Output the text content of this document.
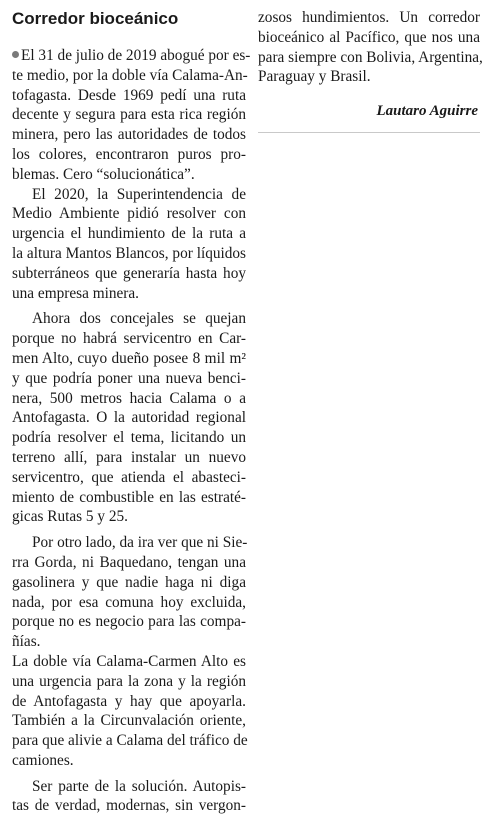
Corredor bioceánico
El 31 de julio de 2019 abogué por es-
te medio, por la doble vía Calama-An-
tofagasta. Desde 1969 pedí una ruta
decente y segura para esta rica región
minera, pero las autoridades de todos
los colores, encontraron puros pro-
blemas. Cero “solucionática”.
El 2020, la Superintendencia de
Medio Ambiente pidió resolver con
urgencia el hundimiento de la ruta a
la altura Mantos Blancos, por líquidos
subterráneos que generaría hasta hoy
una empresa minera.
Ahora dos concejales se quejan
porque no habrá servicentro en Car-
men Alto, cuyo dueño posee 8 mil m²
y que podría poner una nueva benci-
nera, 500 metros hacia Calama o a
Antofagasta. O la autoridad regional
podría resolver el tema, licitando un
terreno allí, para instalar un nuevo
servicentro, que atienda el abasteci-
miento de combustible en las estraté-
gicas Rutas 5 y 25.
Por otro lado, da ira ver que ni Sie-
rra Gorda, ni Baquedano, tengan una
gasolinera y que nadie haga ni diga
nada, por esa comuna hoy excluida,
porque no es negocio para las compa-
ñías.
La doble vía Calama-Carmen Alto es
una urgencia para la zona y la región
de Antofagasta y hay que apoyarla.
También a la Circunvalación oriente,
para que alivie a Calama del tráfico de
camiones.
Ser parte de la solución. Autopis-
tas de verdad, modernas, sin vergon-
zosos hundimientos. Un corredor
bioceánico al Pacífico, que nos una
para siempre con Bolivia, Argentina,
Paraguay y Brasil.
Lautaro Aguirre
